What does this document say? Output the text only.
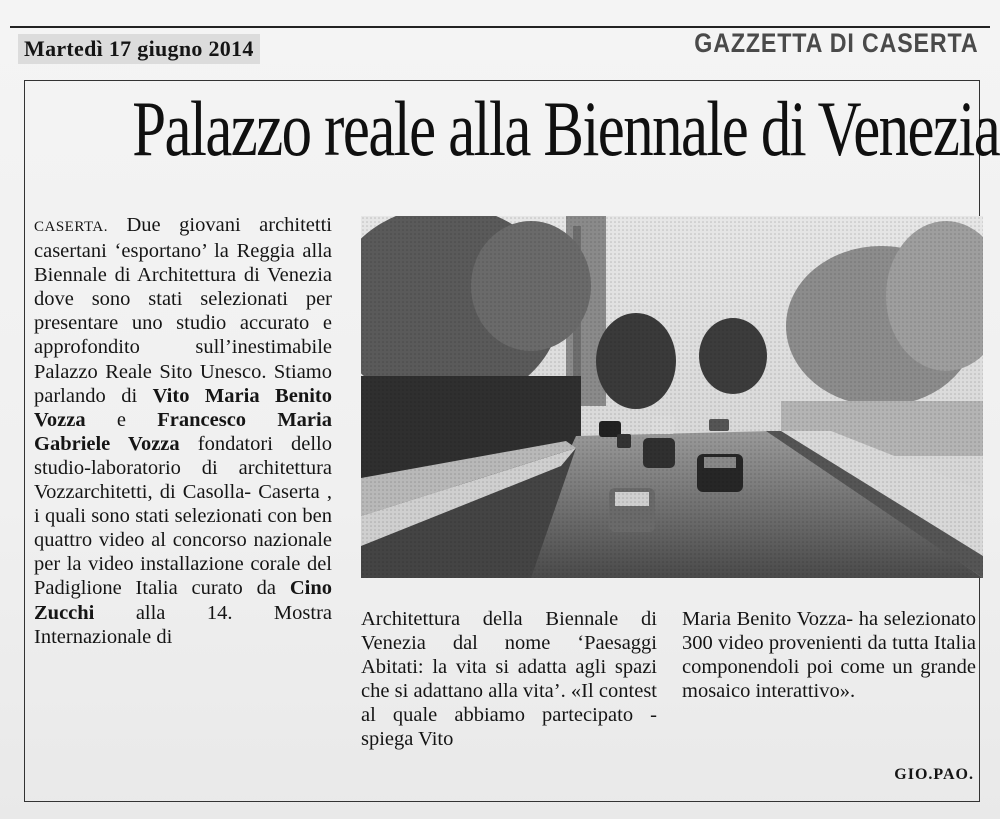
Martedì 17 giugno 2014	GAZZETTA DI CASERTA
Palazzo reale alla Biennale di Venezia

CASERTA. Due giovani architetti casertani ‘esportano’ la Reggia alla Biennale di Architettura di Venezia dove sono stati selezionati per presentare uno studio accurato e approfondito sull’inestimabile Palazzo Reale Sito Unesco. Stiamo parlando di Vito Maria Benito Vozza e Francesco Maria Gabriele Vozza fondatori dello studio-laboratorio di architettura Vozzarchitetti, di Casolla- Caserta , i quali sono stati selezionati con ben quattro video al concorso nazionale per la video installazione corale del Padiglione Italia curato da Cino Zucchi alla 14. Mostra Internazionale di

Architettura della Biennale di Venezia dal nome ‘Paesaggi Abitati: la vita si adatta agli spazi che si adattano alla vita’. «Il contest al quale abbiamo partecipato - spiega Vito

Maria Benito Vozza- ha selezionato 300 video provenienti da tutta Italia componendoli poi come un grande mosaico interattivo».

GIO.PAO.
